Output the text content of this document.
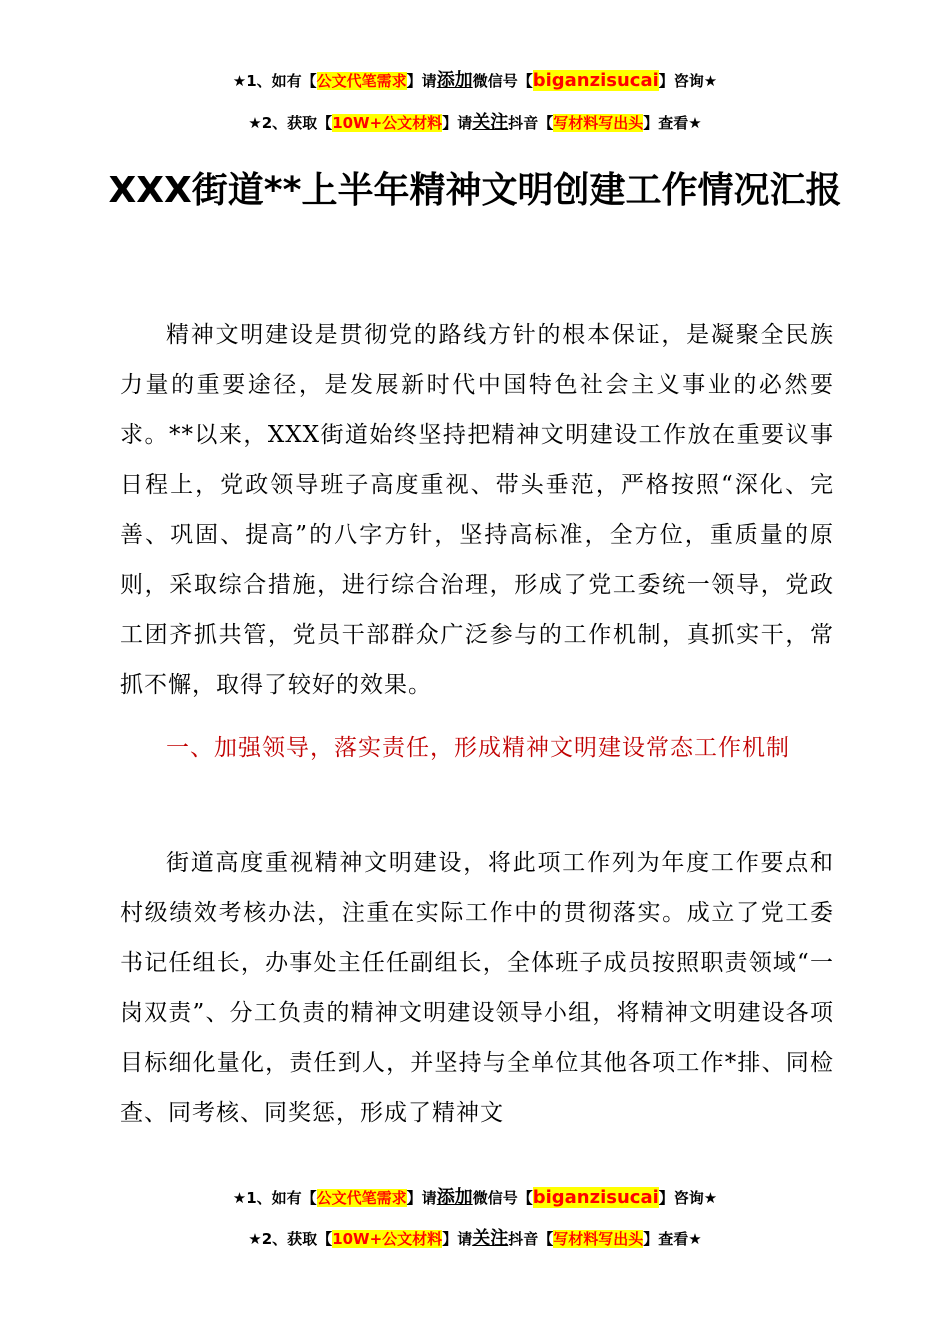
★1、如有【公文代笔需求】请添加微信号【biganzisucai】咨询★
★2、获取【10W+公文材料】请关注抖音【写材料写出头】查看★
XXX街道**上半年精神文明创建工作情况汇报

精神文明建设是贯彻党的路线方针的根本保证，是凝聚全民族力量的重要途径，是发展新时代中国特色社会主义事业的必然要求。**以来，XXX街道始终坚持把精神文明建设工作放在重要议事日程上，党政领导班子高度重视、带头垂范，严格按照“深化、完善、巩固、提高”的八字方针，坚持高标准，全方位，重质量的原则，采取综合措施，进行综合治理，形成了党工委统一领导，党政工团齐抓共管，党员干部群众广泛参与的工作机制，真抓实干，常抓不懈，取得了较好的效果。

一、加强领导，落实责任，形成精神文明建设常态工作机制

街道高度重视精神文明建设，将此项工作列为年度工作要点和村级绩效考核办法，注重在实际工作中的贯彻落实。成立了党工委书记任组长，办事处主任任副组长，全体班子成员按照职责领域“一岗双责”、分工负责的精神文明建设领导小组，将精神文明建设各项目标细化量化，责任到人，并坚持与全单位其他各项工作*排、同检查、同考核、同奖惩，形成了精神文

★1、如有【公文代笔需求】请添加微信号【biganzisucai】咨询★
★2、获取【10W+公文材料】请关注抖音【写材料写出头】查看★
